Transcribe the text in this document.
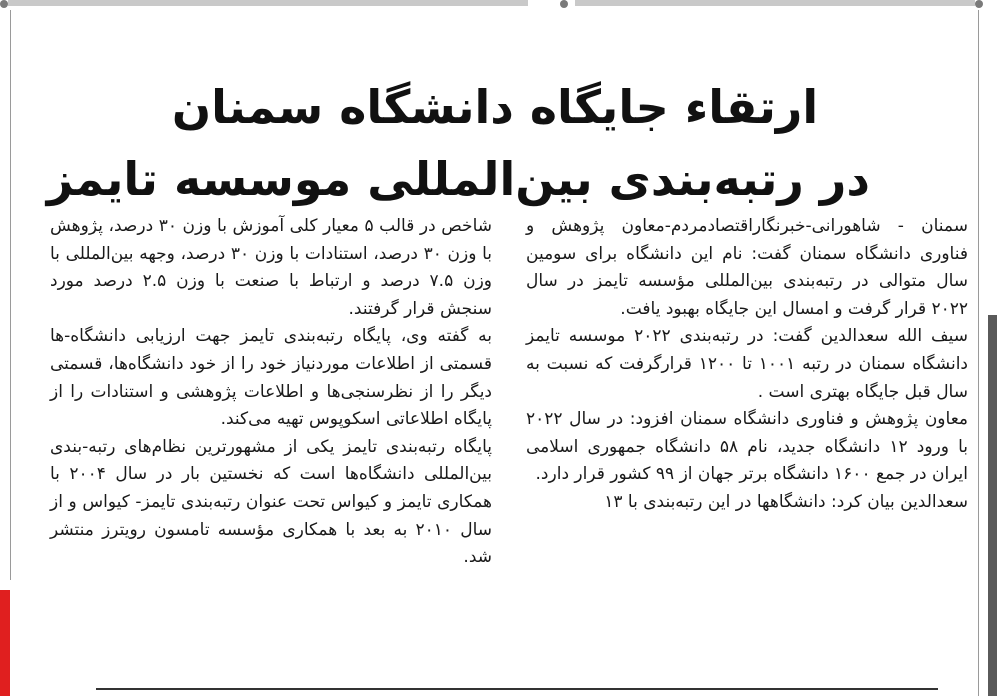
ارتقاء جایگاه دانشگاه سمنان
در رتبه‌بندی بین‌المللی موسسه تایمز

سمنان - شاهورانی-خبرنگاراقتصادمردم-معاون پژوهش و فناوری دانشگاه سمنان گفت: نام این دانشگاه برای سومین سال متوالی در رتبه‌بندی بین‌المللی مؤسسه تایمز در سال ۲۰۲۲ قرار گرفت و امسال این جایگاه بهبود یافت.

سیف الله سعدالدین گفت: در رتبه‌بندی ۲۰۲۲ موسسه تایمز دانشگاه سمنان در رتبه ۱۰۰۱ تا ۱۲۰۰ قرارگرفت که نسبت به سال قبل جایگاه بهتری است .

معاون پژوهش و فناوری دانشگاه سمنان افزود: در سال ۲۰۲۲ با ورود ۱۲ دانشگاه جدید، نام ۵۸ دانشگاه جمهوری اسلامی ایران در جمع ۱۶۰۰ دانشگاه برتر جهان از ۹۹ کشور قرار دارد.

سعدالدین بیان کرد: دانشگاهها در این رتبه‌بندی با ۱۳

شاخص در قالب ۵ معیار کلی آموزش با وزن ۳۰ درصد، پژوهش با وزن ۳۰ درصد، استنادات با وزن ۳۰ درصد، وجهه بین‌المللی با وزن ۷.۵ درصد و ارتباط با صنعت با وزن ۲.۵ درصد مورد سنجش قرار گرفتند.

به گفته وی، پایگاه رتبه‌بندی تایمز جهت ارزیابی دانشگاه-ها قسمتی از اطلاعات موردنیاز خود را از خود دانشگاه‌ها، قسمتی دیگر را از نظرسنجی‌ها و اطلاعات پژوهشی و استنادات را از پایگاه اطلاعاتی اسکوپوس تهیه می‌کند.

پایگاه رتبه‌بندی تایمز یکی از مشهورترین نظام‌های رتبه-بندی بین‌المللی دانشگاه‌ها است که نخستین بار در سال ۲۰۰۴ با همکاری تایمز و کیواس تحت عنوان رتبه‌بندی تایمز- کیواس و از سال ۲۰۱۰ به بعد با همکاری مؤسسه تامسون رویترز منتشر شد.
